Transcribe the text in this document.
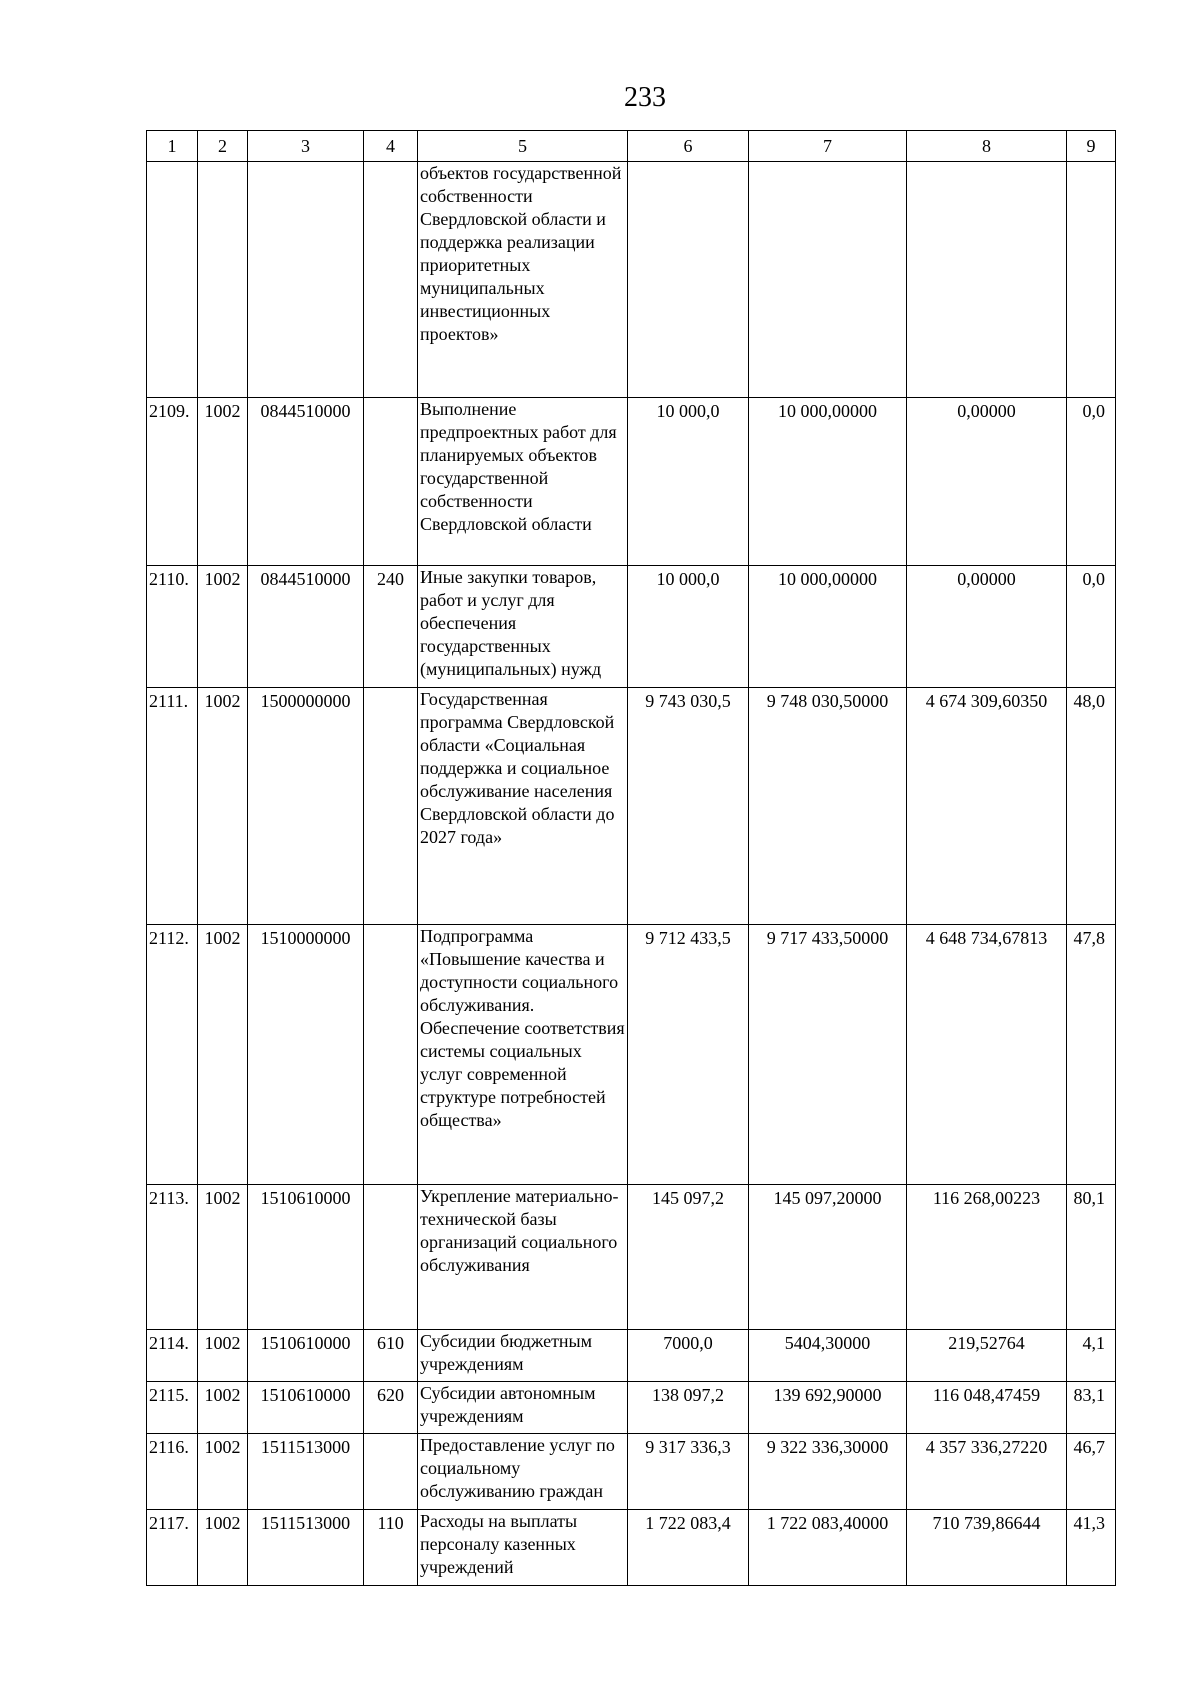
233
1	2	3	4	5	6	7	8	9
				объектов государственной собственности Свердловской области и поддержка реализации приоритетных муниципальных инвестиционных проектов»				
2109.	1002	0844510000		Выполнение предпроектных работ для планируемых объектов государственной собственности Свердловской области	10 000,0	10 000,00000	0,00000	0,0
2110.	1002	0844510000	240	Иные закупки товаров, работ и услуг для обеспечения государственных (муниципальных) нужд	10 000,0	10 000,00000	0,00000	0,0
2111.	1002	1500000000		Государственная программа Свердловской области «Социальная поддержка и социальное обслуживание населения Свердловской области до 2027 года»	9 743 030,5	9 748 030,50000	4 674 309,60350	48,0
2112.	1002	1510000000		Подпрограмма «Повышение качества и доступности социального обслуживания. Обеспечение соответствия системы социальных услуг современной структуре потребностей общества»	9 712 433,5	9 717 433,50000	4 648 734,67813	47,8
2113.	1002	1510610000		Укрепление материально-технической базы организаций социального обслуживания	145 097,2	145 097,20000	116 268,00223	80,1
2114.	1002	1510610000	610	Субсидии бюджетным учреждениям	7000,0	5404,30000	219,52764	4,1
2115.	1002	1510610000	620	Субсидии автономным учреждениям	138 097,2	139 692,90000	116 048,47459	83,1
2116.	1002	1511513000		Предоставление услуг по социальному обслуживанию граждан	9 317 336,3	9 322 336,30000	4 357 336,27220	46,7
2117.	1002	1511513000	110	Расходы на выплаты персоналу казенных учреждений	1 722 083,4	1 722 083,40000	710 739,86644	41,3
